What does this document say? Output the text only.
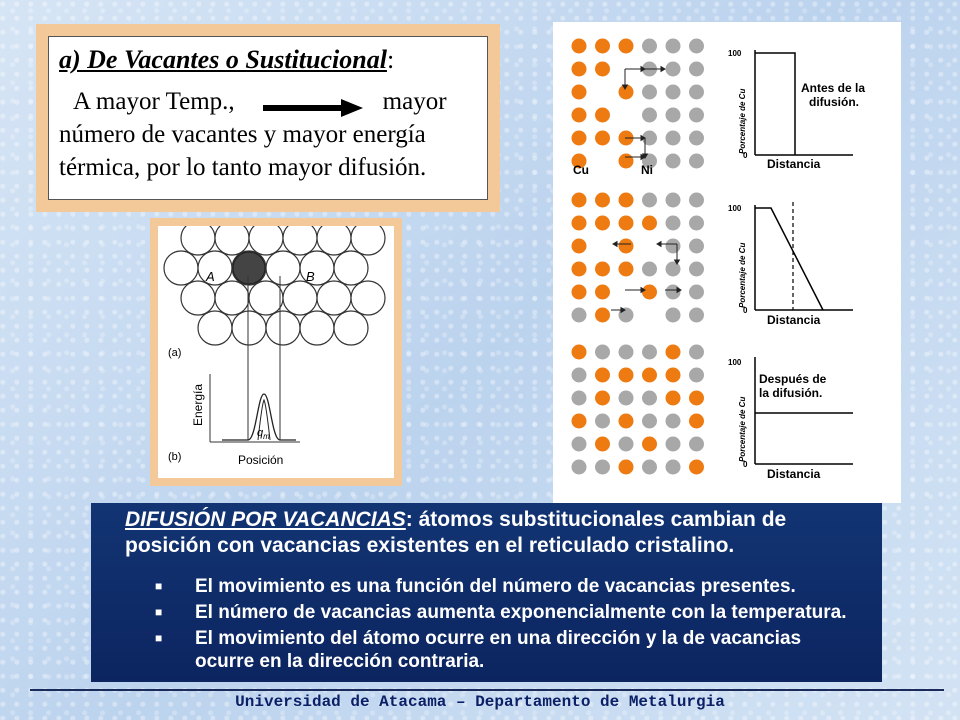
a) De Vacantes o Sustitucional:
A mayor Temp.,	mayor
número de vacantes y mayor energía
térmica, por lo tanto mayor difusión.
A	B
(a)
(b)
Energía
Posición
$q_m$
Cu	Ni
100
0
Porcentaje de Cu
Distancia
Antes de la
difusión.
100
0
Porcentaje de Cu
Distancia
100
0
Porcentaje de Cu
Distancia
Después de
la difusión.
DIFUSIÓN POR VACANCIAS: átomos substitucionales cambian de
posición con vacancias existentes en el reticulado cristalino.
■ El movimiento es una función del número de vacancias presentes.
■ El número de vacancias aumenta exponencialmente con la temperatura.
■ El movimiento del átomo ocurre en una dirección y la de vacancias
ocurre en la dirección contraria.
Universidad de Atacama – Departamento de Metalurgia
